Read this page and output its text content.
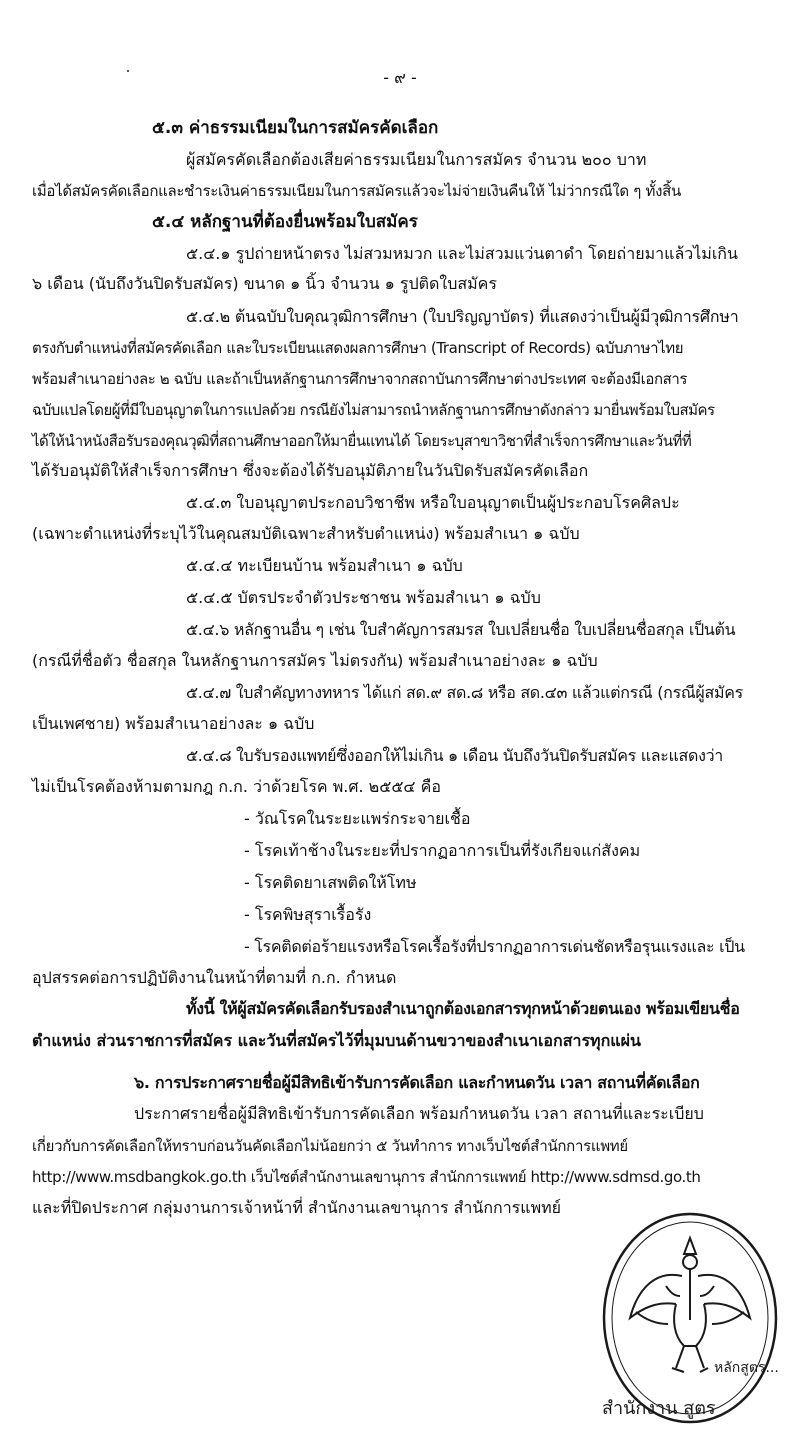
- ๙ -
๕.๓ ค่าธรรมเนียมในการสมัครคัดเลือก
ผู้สมัครคัดเลือกต้องเสียค่าธรรมเนียมในการสมัคร จำนวน ๒๐๐ บาท
เมื่อได้สมัครคัดเลือกและชำระเงินค่าธรรมเนียมในการสมัครแล้วจะไม่จ่ายเงินคืนให้ ไม่ว่ากรณีใด ๆ ทั้งสิ้น
๕.๔ หลักฐานที่ต้องยื่นพร้อมใบสมัคร
๕.๔.๑ รูปถ่ายหน้าตรง ไม่สวมหมวก และไม่สวมแว่นตาดำ โดยถ่ายมาแล้วไม่เกิน
๖ เดือน (นับถึงวันปิดรับสมัคร) ขนาด ๑ นิ้ว จำนวน ๑ รูปติดใบสมัคร
๕.๔.๒ ต้นฉบับใบคุณวุฒิการศึกษา (ใบปริญญาบัตร) ที่แสดงว่าเป็นผู้มีวุฒิการศึกษา
ตรงกับตำแหน่งที่สมัครคัดเลือก และใบระเบียนแสดงผลการศึกษา (Transcript of Records) ฉบับภาษาไทย
พร้อมสำเนาอย่างละ ๒ ฉบับ และถ้าเป็นหลักฐานการศึกษาจากสถาบันการศึกษาต่างประเทศ จะต้องมีเอกสาร
ฉบับแปลโดยผู้ที่มีใบอนุญาตในการแปลด้วย กรณียังไม่สามารถนำหลักฐานการศึกษาดังกล่าว มายื่นพร้อมใบสมัคร
ได้ให้นำหนังสือรับรองคุณวุฒิที่สถานศึกษาออกให้มายื่นแทนได้ โดยระบุสาขาวิชาที่สำเร็จการศึกษาและวันที่ที่
ได้รับอนุมัติให้สำเร็จการศึกษา ซึ่งจะต้องได้รับอนุมัติภายในวันปิดรับสมัครคัดเลือก
๕.๔.๓ ใบอนุญาตประกอบวิชาชีพ หรือใบอนุญาตเป็นผู้ประกอบโรคศิลปะ
(เฉพาะตำแหน่งที่ระบุไว้ในคุณสมบัติเฉพาะสำหรับตำแหน่ง) พร้อมสำเนา ๑ ฉบับ
๕.๔.๔ ทะเบียนบ้าน พร้อมสำเนา ๑ ฉบับ
๕.๔.๕ บัตรประจำตัวประชาชน พร้อมสำเนา ๑ ฉบับ
๕.๔.๖ หลักฐานอื่น ๆ เช่น ใบสำคัญการสมรส ใบเปลี่ยนชื่อ ใบเปลี่ยนชื่อสกุล เป็นต้น
(กรณีที่ชื่อตัว ชื่อสกุล ในหลักฐานการสมัคร ไม่ตรงกัน) พร้อมสำเนาอย่างละ ๑ ฉบับ
๕.๔.๗ ใบสำคัญทางทหาร ได้แก่ สด.๙ สด.๘ หรือ สด.๔๓ แล้วแต่กรณี (กรณีผู้สมัคร
เป็นเพศชาย) พร้อมสำเนาอย่างละ ๑ ฉบับ
๕.๔.๘ ใบรับรองแพทย์ซึ่งออกให้ไม่เกิน ๑ เดือน นับถึงวันปิดรับสมัคร และแสดงว่า
ไม่เป็นโรคต้องห้ามตามกฎ ก.ก. ว่าด้วยโรค พ.ศ. ๒๕๕๔ คือ
- วัณโรคในระยะแพร่กระจายเชื้อ
- โรคเท้าช้างในระยะที่ปรากฏอาการเป็นที่รังเกียจแก่สังคม
- โรคติดยาเสพติดให้โทษ
- โรคพิษสุราเรื้อรัง
- โรคติดต่อร้ายแรงหรือโรคเรื้อรังที่ปรากฏอาการเด่นชัดหรือรุนแรงและ เป็น
อุปสรรคต่อการปฏิบัติงานในหน้าที่ตามที่ ก.ก. กำหนด
ทั้งนี้ ให้ผู้สมัครคัดเลือกรับรองสำเนาถูกต้องเอกสารทุกหน้าด้วยตนเอง พร้อมเขียนชื่อ
ตำแหน่ง ส่วนราชการที่สมัคร และวันที่สมัครไว้ที่มุมบนด้านขวาของสำเนาเอกสารทุกแผ่น
๖. การประกาศรายชื่อผู้มีสิทธิเข้ารับการคัดเลือก และกำหนดวัน เวลา สถานที่คัดเลือก
ประกาศรายชื่อผู้มีสิทธิเข้ารับการคัดเลือก พร้อมกำหนดวัน เวลา สถานที่และระเบียบ
เกี่ยวกับการคัดเลือกให้ทราบก่อนวันคัดเลือกไม่น้อยกว่า ๕ วันทำการ ทางเว็บไซต์สำนักการแพทย์
http://www.msdbangkok.go.th เว็บไซต์สำนักงานเลขานุการ สำนักการแพทย์ http://www.sdmsd.go.th
และที่ปิดประกาศ กลุ่มงานการเจ้าหน้าที่ สำนักงานเลขานุการ สำนักการแพทย์
หลักสูตร...
สำนักงาน สูตร
